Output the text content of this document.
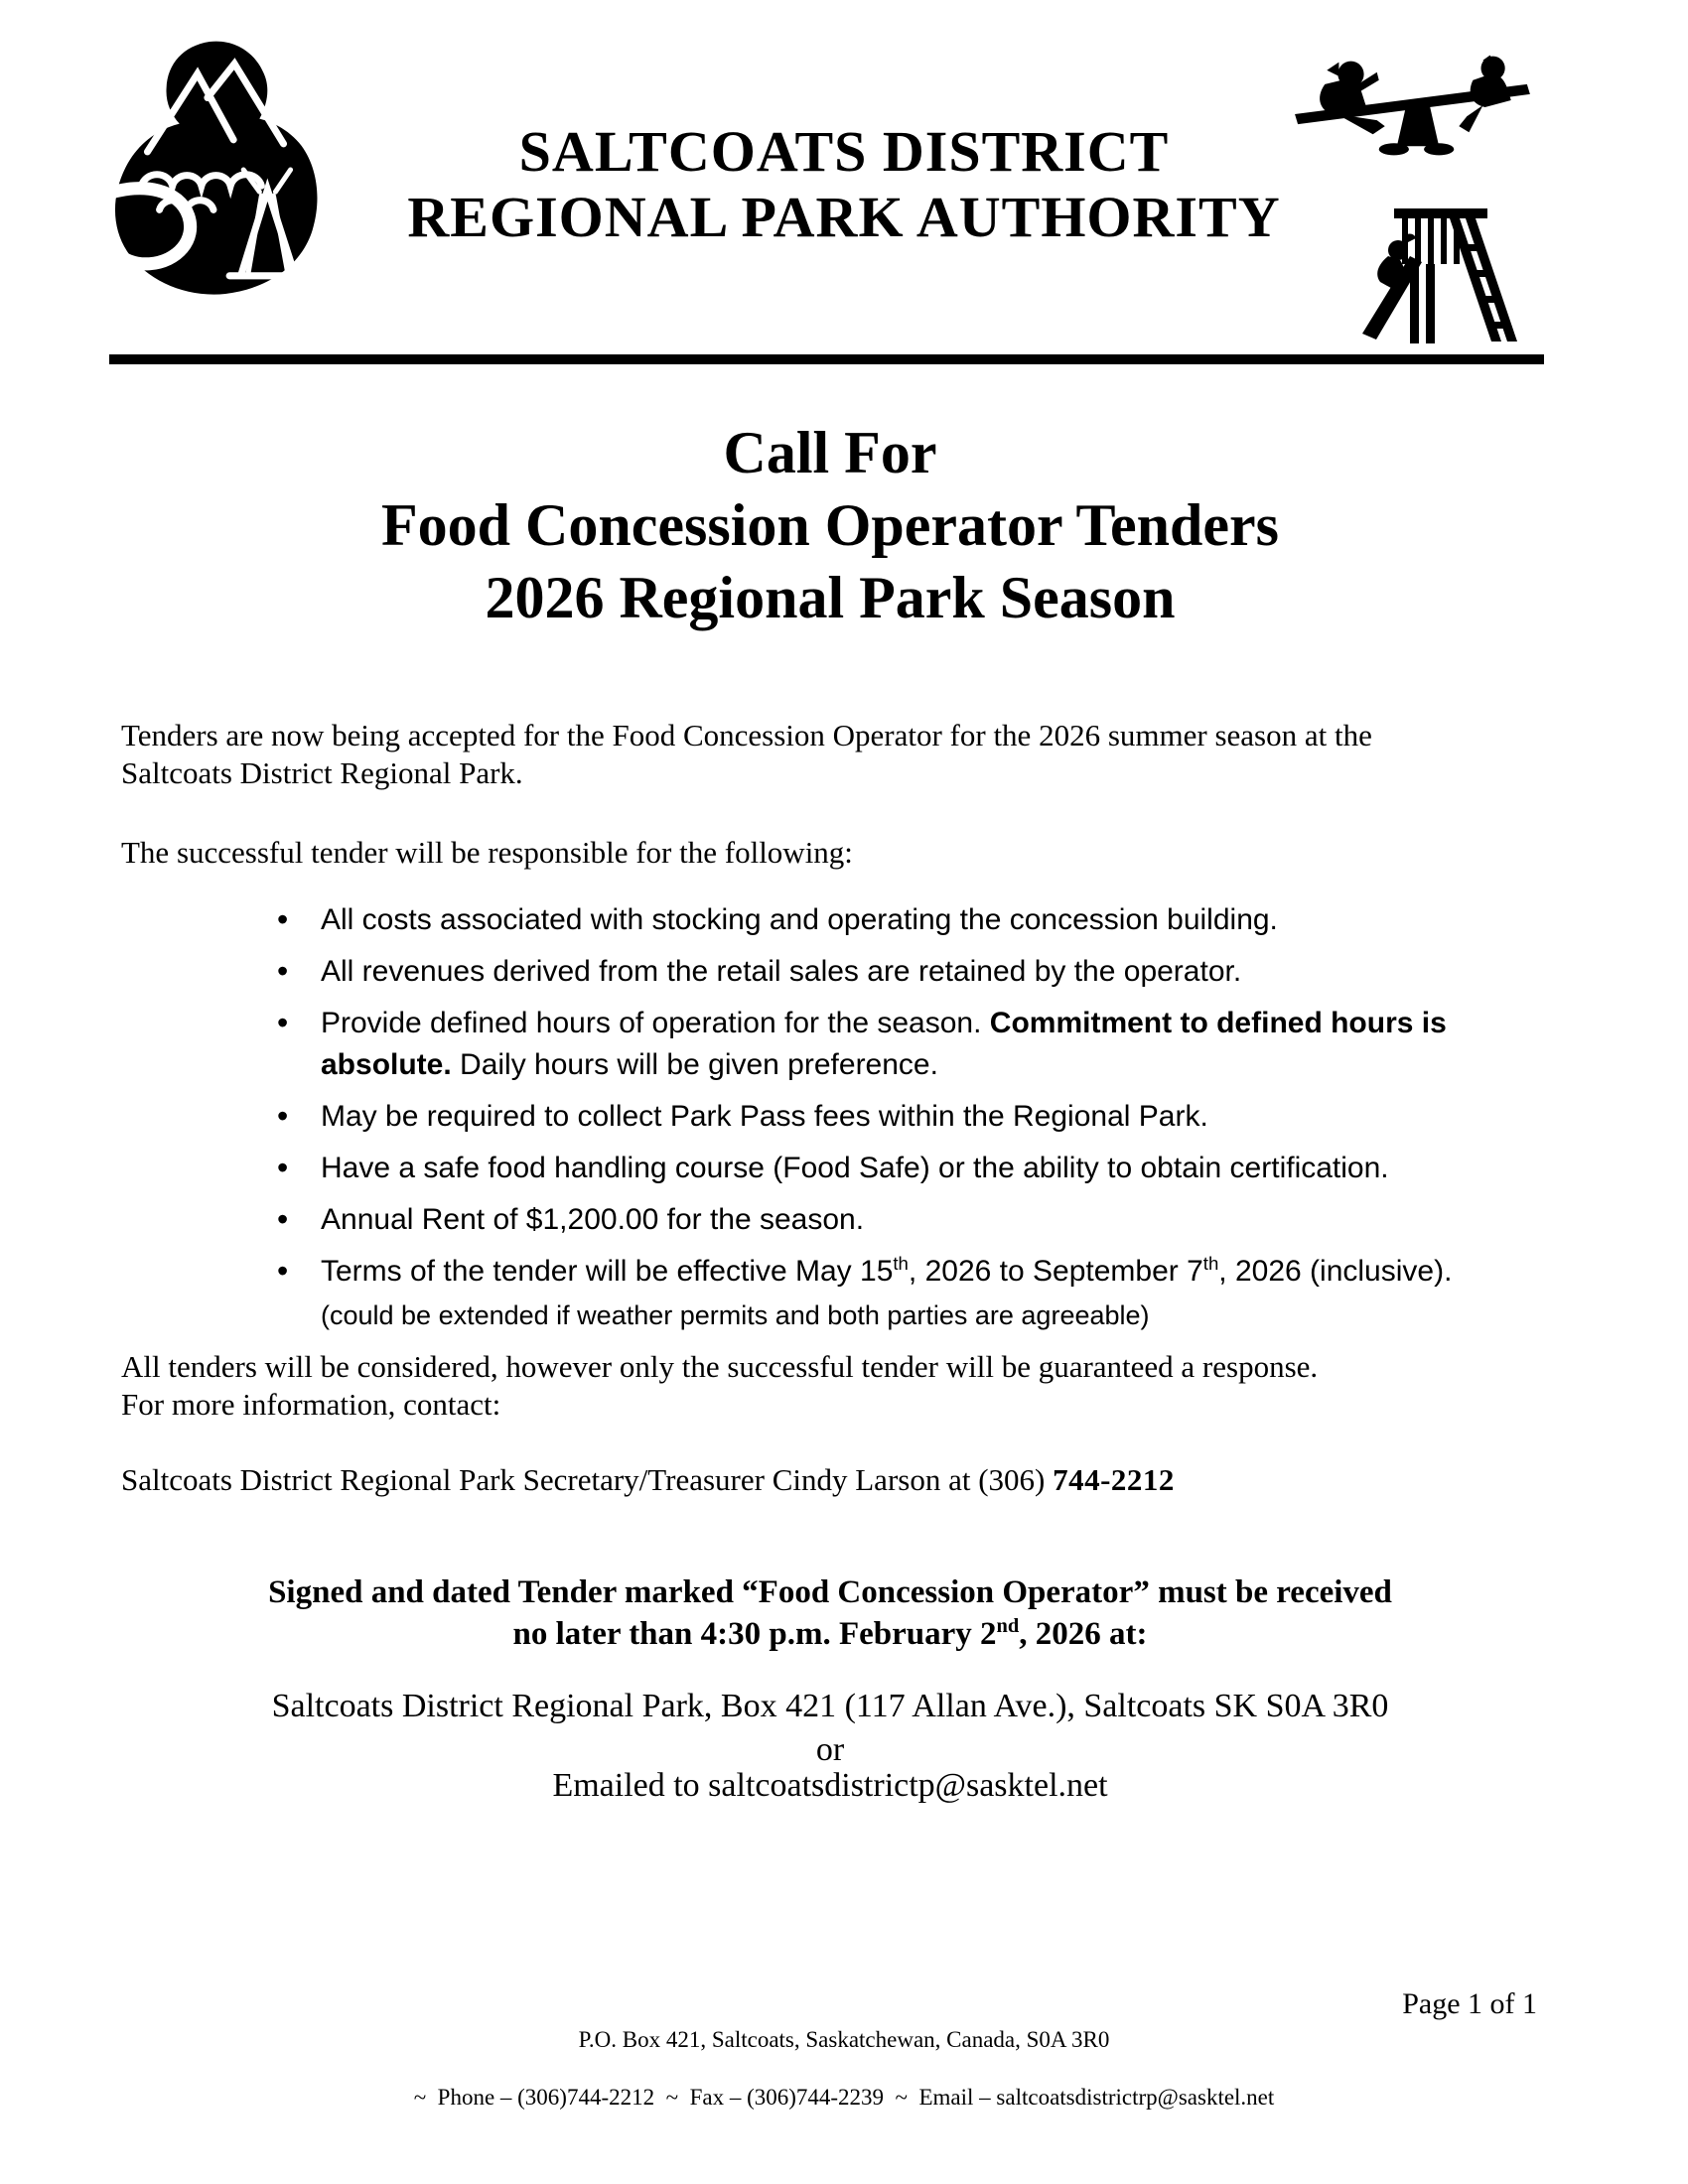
SALTCOATS DISTRICT
REGIONAL PARK AUTHORITY
Call For
Food Concession Operator Tenders
2026 Regional Park Season
Tenders are now being accepted for the Food Concession Operator for the 2026 summer season at the
Saltcoats District Regional Park.
The successful tender will be responsible for the following:
• All costs associated with stocking and operating the concession building.
• All revenues derived from the retail sales are retained by the operator.
• Provide defined hours of operation for the season. Commitment to defined hours is
absolute. Daily hours will be given preference.
• May be required to collect Park Pass fees within the Regional Park.
• Have a safe food handling course (Food Safe) or the ability to obtain certification.
• Annual Rent of $1,200.00 for the season.
• Terms of the tender will be effective May 15th, 2026 to September 7th, 2026 (inclusive).
(could be extended if weather permits and both parties are agreeable)
All tenders will be considered, however only the successful tender will be guaranteed a response.
For more information, contact:
Saltcoats District Regional Park Secretary/Treasurer Cindy Larson at (306) 744-2212
Signed and dated Tender marked “Food Concession Operator” must be received
no later than 4:30 p.m. February 2nd, 2026 at:
Saltcoats District Regional Park, Box 421 (117 Allan Ave.), Saltcoats SK S0A 3R0
or
Emailed to saltcoatsdistrictp@sasktel.net
Page 1 of 1
P.O. Box 421, Saltcoats, Saskatchewan, Canada, S0A 3R0
~  Phone – (306)744-2212  ~  Fax – (306)744-2239  ~  Email – saltcoatsdistrictrp@sasktel.net
